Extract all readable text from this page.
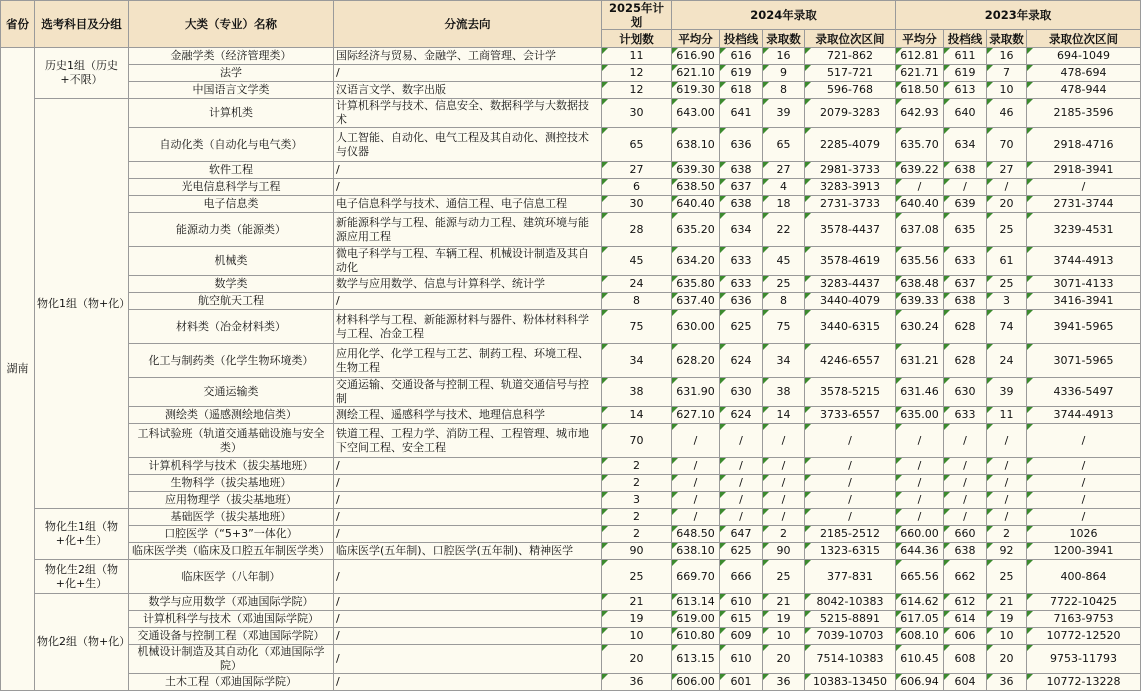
省份	选考科目及分组	大类（专业）名称	分流去向	2025年计划	2024年录取				2023年录取			
				计划数	平均分	投档线	录取数	录取位次区间	平均分	投档线	录取数	录取位次区间
湖南	历史1组（历史+不限）	金融学类（经济管理类）	国际经济与贸易、金融学、工商管理、会计学	11	616.90	616	16	721-862	612.81	611	16	694-1049
		法学	/	12	621.10	619	9	517-721	621.71	619	7	478-694
		中国语言文学类	汉语言文学、数字出版	12	619.30	618	8	596-768	618.50	613	10	478-944
	物化1组（物+化）	计算机类	计算机科学与技术、信息安全、数据科学与大数据技术	30	643.00	641	39	2079-3283	642.93	640	46	2185-3596
		自动化类（自动化与电气类）	人工智能、自动化、电气工程及其自动化、测控技术与仪器	65	638.10	636	65	2285-4079	635.70	634	70	2918-4716
		软件工程	/	27	639.30	638	27	2981-3733	639.22	638	27	2918-3941
		光电信息科学与工程	/	6	638.50	637	4	3283-3913	/	/	/	/
		电子信息类	电子信息科学与技术、通信工程、电子信息工程	30	640.40	638	18	2731-3733	640.40	639	20	2731-3744
		能源动力类（能源类）	新能源科学与工程、能源与动力工程、建筑环境与能源应用工程	28	635.20	634	22	3578-4437	637.08	635	25	3239-4531
		机械类	微电子科学与工程、车辆工程、机械设计制造及其自动化	45	634.20	633	45	3578-4619	635.56	633	61	3744-4913
		数学类	数学与应用数学、信息与计算科学、统计学	24	635.80	633	25	3283-4437	638.48	637	25	3071-4133
		航空航天工程	/	8	637.40	636	8	3440-4079	639.33	638	3	3416-3941
		材料类（冶金材料类）	材料科学与工程、新能源材料与器件、粉体材料科学与工程、冶金工程	75	630.00	625	75	3440-6315	630.24	628	74	3941-5965
		化工与制药类（化学生物环境类）	应用化学、化学工程与工艺、制药工程、环境工程、生物工程	34	628.20	624	34	4246-6557	631.21	628	24	3071-5965
		交通运输类	交通运输、交通设备与控制工程、轨道交通信号与控制	38	631.90	630	38	3578-5215	631.46	630	39	4336-5497
		测绘类（遥感测绘地信类）	测绘工程、遥感科学与技术、地理信息科学	14	627.10	624	14	3733-6557	635.00	633	11	3744-4913
		工科试验班（轨道交通基础设施与安全类）	铁道工程、工程力学、消防工程、工程管理、城市地下空间工程、安全工程	70	/	/	/	/	/	/	/	/
		计算机科学与技术（拔尖基地班）	/	2	/	/	/	/	/	/	/	/
		生物科学（拔尖基地班）	/	2	/	/	/	/	/	/	/	/
		应用物理学（拔尖基地班）	/	3	/	/	/	/	/	/	/	/
	物化生1组（物+化+生）	基础医学（拔尖基地班）	/	2	/	/	/	/	/	/	/	/
		口腔医学（“5+3”一体化）	/	2	648.50	647	2	2185-2512	660.00	660	2	1026
		临床医学类（临床及口腔五年制医学类）	临床医学(五年制)、口腔医学(五年制)、精神医学	90	638.10	625	90	1323-6315	644.36	638	92	1200-3941
	物化生2组（物+化+生）	临床医学（八年制）	/	25	669.70	666	25	377-831	665.56	662	25	400-864
	物化2组（物+化）	数学与应用数学（邓迪国际学院）	/	21	613.14	610	21	8042-10383	614.62	612	21	7722-10425
		计算机科学与技术（邓迪国际学院）	/	19	619.00	615	19	5215-8891	617.05	614	19	7163-9753
		交通设备与控制工程（邓迪国际学院）	/	10	610.80	609	10	7039-10703	608.10	606	10	10772-12520
		机械设计制造及其自动化（邓迪国际学院）	/	20	613.15	610	20	7514-10383	610.45	608	20	9753-11793
		土木工程（邓迪国际学院）	/	36	606.00	601	36	10383-13450	606.94	604	36	10772-13228
